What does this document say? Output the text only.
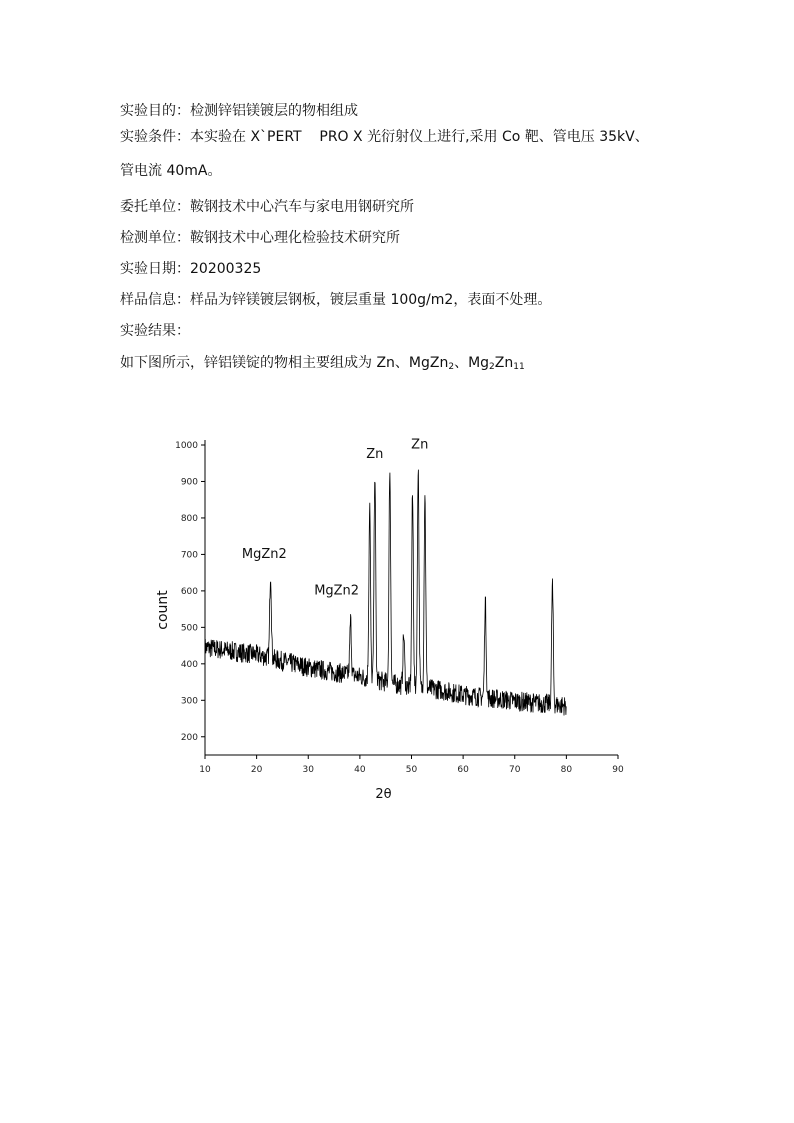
实验目的：检测锌铝镁镀层的物相组成
实验条件：本实验在 X`PERT    PRO X 光衍射仪上进行,采用 Co 靶、管电压 35kV、
管电流 40mA。
委托单位：鞍钢技术中心汽车与家电用钢研究所
检测单位：鞍钢技术中心理化检验技术研究所
实验日期：20200325
样品信息：样品为锌镁镀层钢板，镀层重量 100g/m2，表面不处理。
实验结果：
如下图所示，锌铝镁锭的物相主要组成为 Zn、MgZn$_2$、$Mg_2Zn_{11}$
10	20	30	40	50	60	70	80	90
200
300
400
500
600
700
800
900
1000
2θ
count
MgZn2
MgZn2
Zn
Zn
